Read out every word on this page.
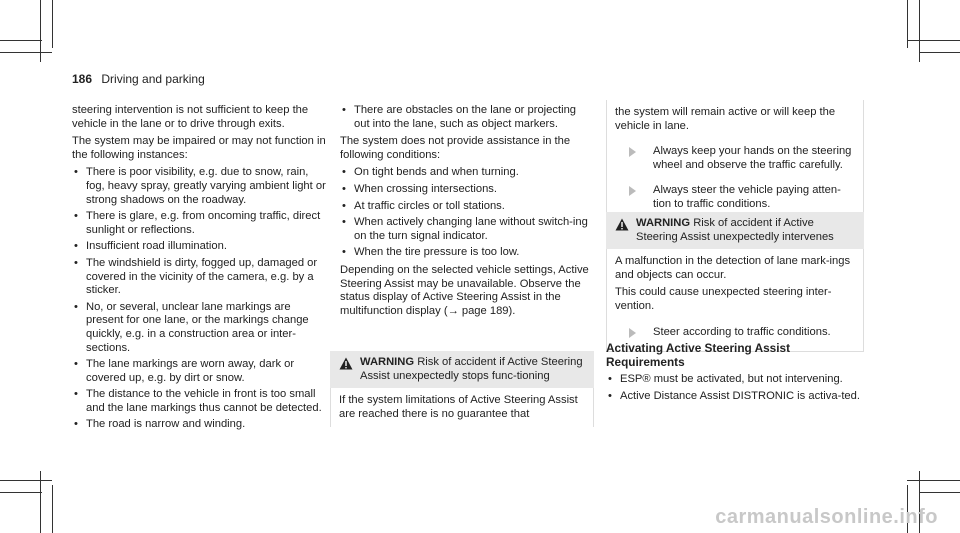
186 Driving and parking

steering intervention is not sufficient to keep the vehicle in the lane or to drive through exits.

The system may be impaired or may not function in the following instances:

• There is poor visibility, e.g. due to snow, rain, fog, heavy spray, greatly varying ambient light or strong shadows on the roadway.
• There is glare, e.g. from oncoming traffic, direct sunlight or reflections.
• Insufficient road illumination.
• The windshield is dirty, fogged up, damaged or covered in the vicinity of the camera, e.g. by a sticker.
• No, or several, unclear lane markings are present for one lane, or the markings change quickly, e.g. in a construction area or inter-sections.
• The lane markings are worn away, dark or covered up, e.g. by dirt or snow.
• The distance to the vehicle in front is too small and the lane markings thus cannot be detected.
• The road is narrow and winding.
• There are obstacles on the lane or projecting out into the lane, such as object markers.

The system does not provide assistance in the following conditions:

• On tight bends and when turning.
• When crossing intersections.
• At traffic circles or toll stations.
• When actively changing lane without switch-ing on the turn signal indicator.
• When the tire pressure is too low.

Depending on the selected vehicle settings, Active Steering Assist may be unavailable. Observe the status display of Active Steering Assist in the multifunction display (→ page 189).

WARNING Risk of accident if Active Steering Assist unexpectedly stops func-tioning
If the system limitations of Active Steering Assist are reached there is no guarantee that

the system will remain active or will keep the vehicle in lane.

Always keep your hands on the steering wheel and observe the traffic carefully.
Always steer the vehicle paying atten-tion to traffic conditions.
WARNING Risk of accident if Active Steering Assist unexpectedly intervenes

A malfunction in the detection of lane mark-ings and objects can occur.

This could cause unexpected steering inter-vention.

Steer according to traffic conditions.
Activating Active Steering Assist
Requirements
• ESP® must be activated, but not intervening.
• Active Distance Assist DISTRONIC is activa-ted.
carmanualsonline.info
